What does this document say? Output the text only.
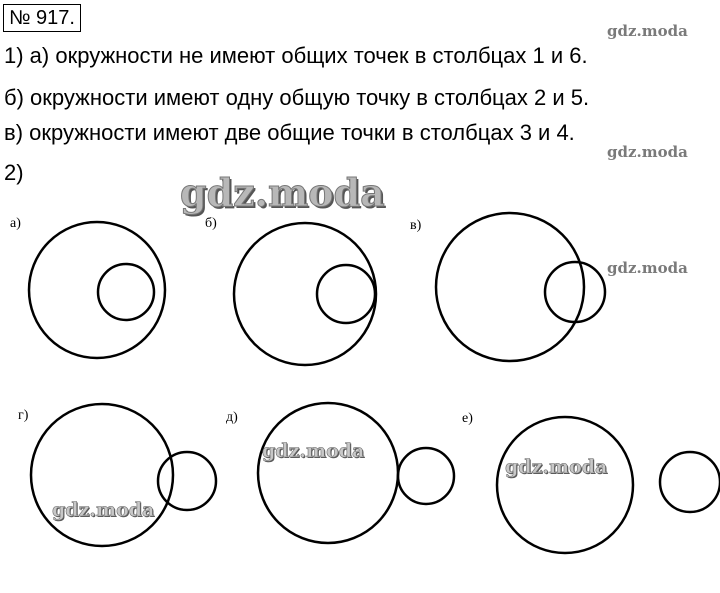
№ 917.
1) а) окружности не имеют общих точек в столбцах 1 и 6.
б) окружности имеют одну общую точку в столбцах 2 и 5.
в) окружности имеют две общие точки в столбцах 3 и 4.
2)
а)	б)	в)
г)	д)	е)
gdz.moda
gdz.moda
gdz.moda
gdz.moda
gdz.moda
gdz.moda
gdz.moda
